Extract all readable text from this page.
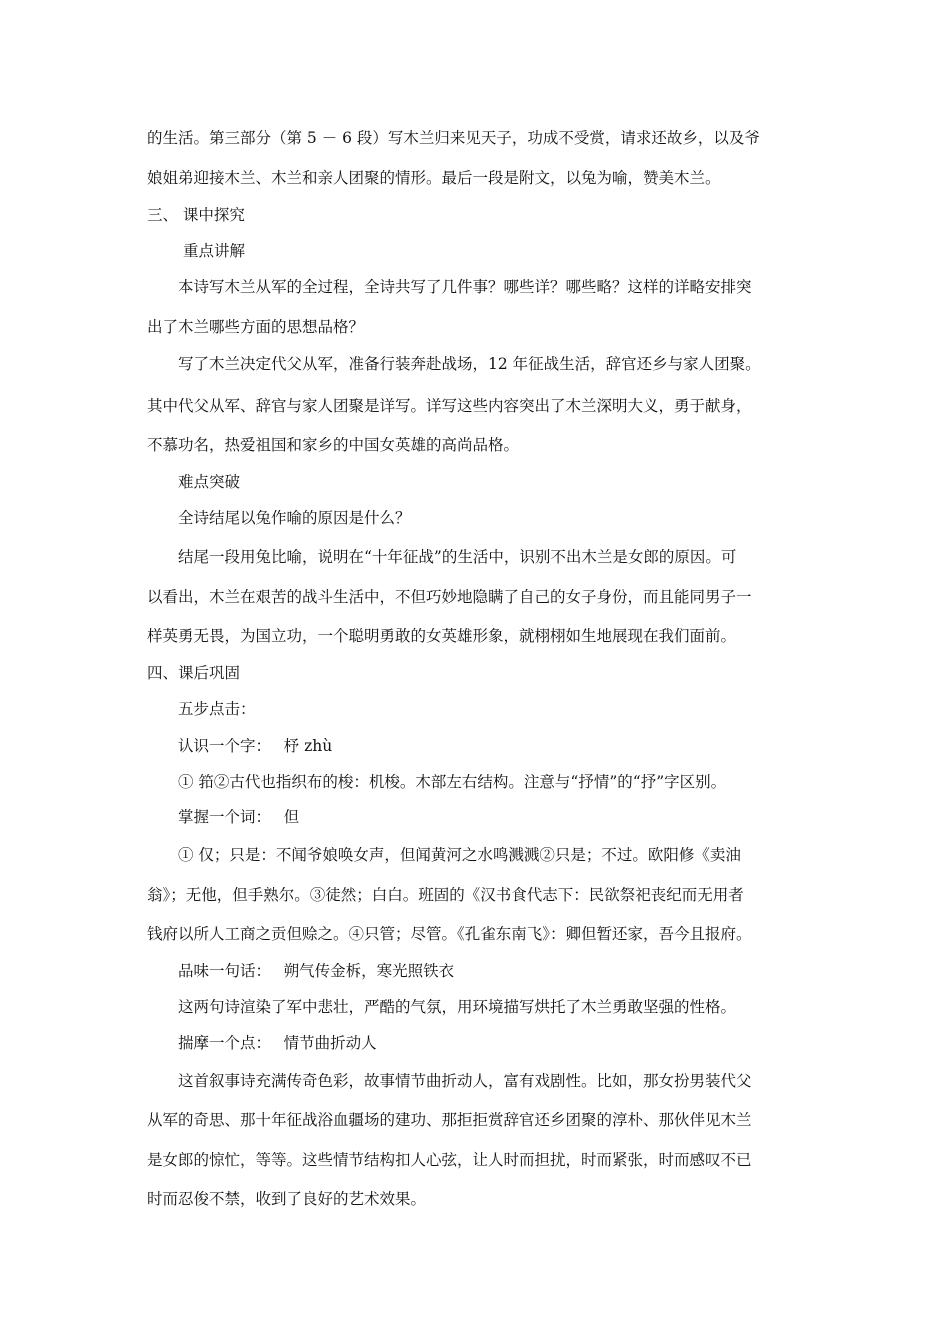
的生活。第三部分（第 5 － 6 段）写木兰归来见天子，功成不受赏，请求还故乡，以及爷
娘姐弟迎接木兰、木兰和亲人团聚的情形。最后一段是附文，以兔为喻，赞美木兰。
三、 课中探究
重点讲解
本诗写木兰从军的全过程，全诗共写了几件事？哪些详？哪些略？这样的详略安排突
出了木兰哪些方面的思想品格？
写了木兰决定代父从军，准备行装奔赴战场，12 年征战生活，辞官还乡与家人团聚。
其中代父从军、辞官与家人团聚是详写。详写这些内容突出了木兰深明大义，勇于献身，
不慕功名，热爱祖国和家乡的中国女英雄的高尚品格。
难点突破
全诗结尾以兔作喻的原因是什么？
结尾一段用兔比喻，说明在“十年征战”的生活中，识别不出木兰是女郎的原因。可
以看出，木兰在艰苦的战斗生活中，不但巧妙地隐瞒了自己的女子身份，而且能同男子一
样英勇无畏，为国立功，一个聪明勇敢的女英雄形象，就栩栩如生地展现在我们面前。
四、课后巩固
五步点击：
认识一个字：　 杼 zhù
① 筘②古代也指织布的梭：机梭。木部左右结构。注意与“抒情”的“抒”字区别。
掌握一个词：　 但
① 仅；只是：不闻爷娘唤女声，但闻黄河之水鸣溅溅②只是；不过。欧阳修《卖油
翁》；无他，但手熟尔。③徒然；白白。班固的《汉书食代志下：民欲祭祀丧纪而无用者
钱府以所人工商之贡但赊之。④只管；尽管。《孔雀东南飞》：卿但暂还家，吾今且报府。
品味一句话：　 朔气传金柝，寒光照铁衣
这两句诗渲染了军中悲壮，严酷的气氛，用环境描写烘托了木兰勇敢坚强的性格。
揣摩一个点：　 情节曲折动人
这首叙事诗充满传奇色彩，故事情节曲折动人，富有戏剧性。比如，那女扮男装代父
从军的奇思、那十年征战浴血疆场的建功、那拒拒赏辞官还乡团聚的淳朴、那伙伴见木兰
是女郎的惊忙，等等。这些情节结构扣人心弦，让人时而担扰，时而紧张，时而感叹不已
时而忍俊不禁，收到了良好的艺术效果。
